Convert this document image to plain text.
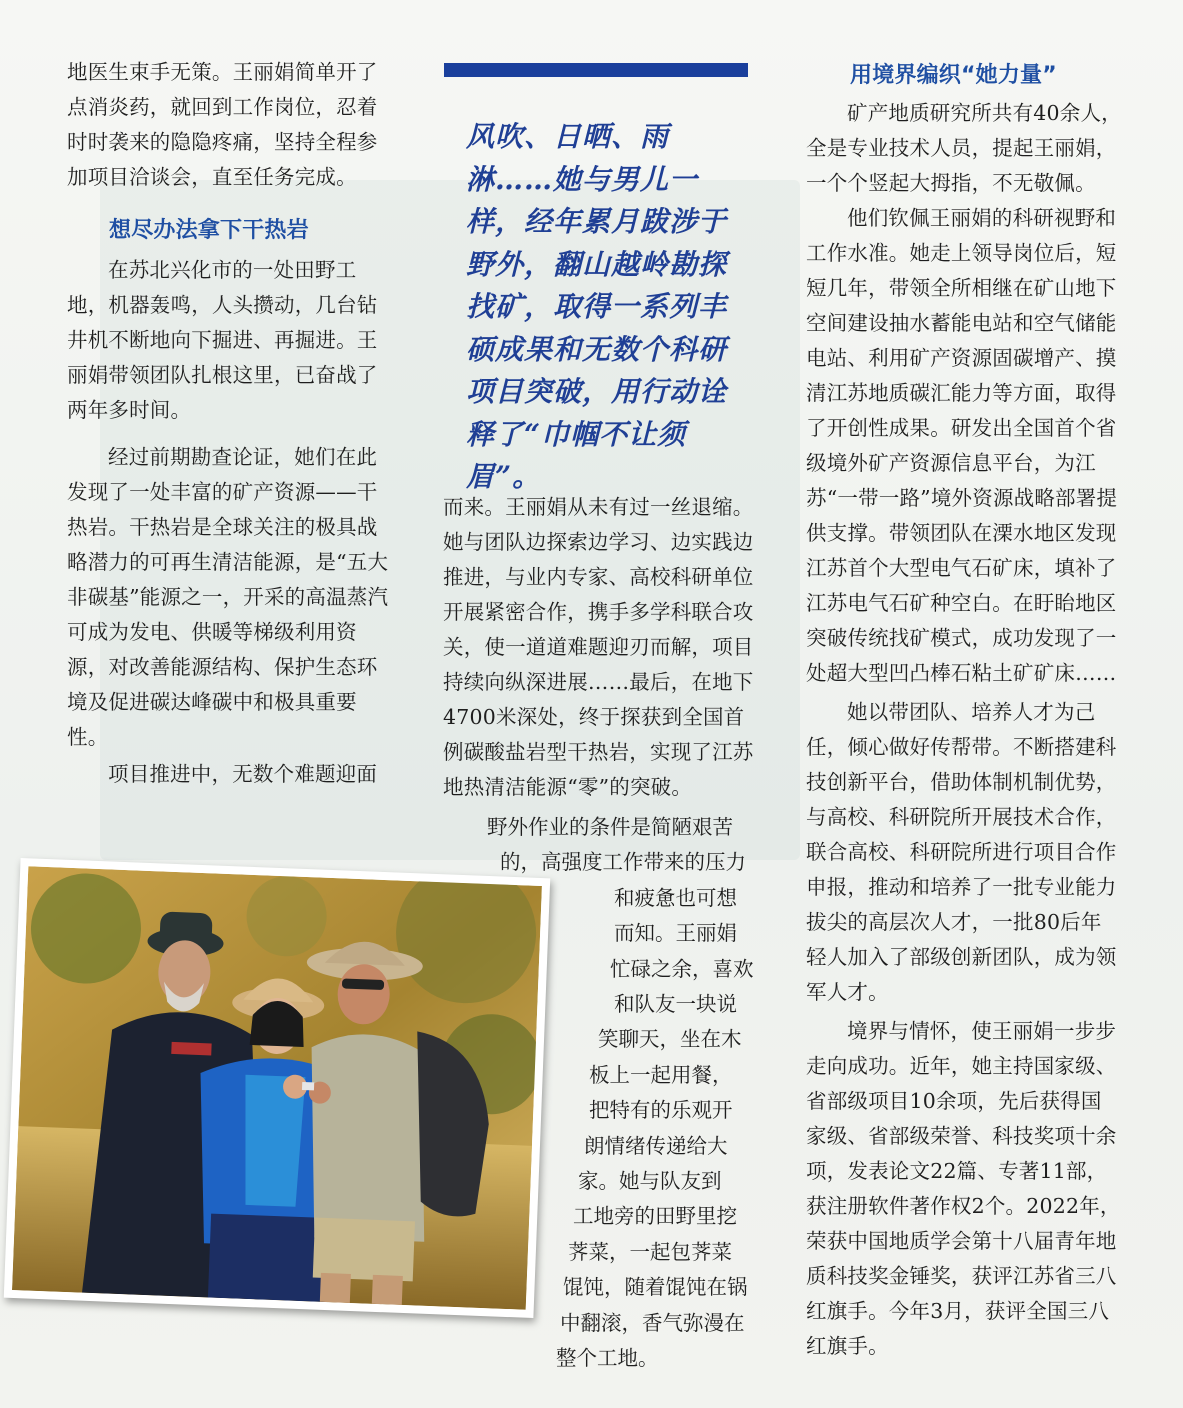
地医生束手无策。王丽娟简单开了点消炎药，就回到工作岗位，忍着时时袭来的隐隐疼痛，坚持全程参加项目洽谈会，直至任务完成。

想尽办法拿下干热岩

在苏北兴化市的一处田野工地，机器轰鸣，人头攒动，几台钻井机不断地向下掘进、再掘进。王丽娟带领团队扎根这里，已奋战了两年多时间。

经过前期勘查论证，她们在此发现了一处丰富的矿产资源——干热岩。干热岩是全球关注的极具战略潜力的可再生清洁能源，是“五大非碳基”能源之一，开采的高温蒸汽可成为发电、供暖等梯级利用资源，对改善能源结构、保护生态环境及促进碳达峰碳中和极具重要性。

项目推进中，无数个难题迎面

风吹、日晒、雨淋……她与男儿一样，经年累月跋涉于野外，翻山越岭勘探找矿，取得一系列丰硕成果和无数个科研项目突破，用行动诠释了“巾帼不让须眉”。

而来。王丽娟从未有过一丝退缩。她与团队边探索边学习、边实践边推进，与业内专家、高校科研单位开展紧密合作，携手多学科联合攻关，使一道道难题迎刃而解，项目持续向纵深进展……最后，在地下4700米深处，终于探获到全国首例碳酸盐岩型干热岩，实现了江苏地热清洁能源“零”的突破。

野外作业的条件是简陋艰苦
的，高强度工作带来的压力
和疲惫也可想
而知。王丽娟
忙碌之余，喜欢
和队友一块说
笑聊天，坐在木
板上一起用餐，
把特有的乐观开
朗情绪传递给大
家。她与队友到
工地旁的田野里挖
荠菜，一起包荠菜
馄饨，随着馄饨在锅
中翻滚，香气弥漫在
整个工地。

用境界编织“她力量”

矿产地质研究所共有40余人，全是专业技术人员，提起王丽娟，一个个竖起大拇指，不无敬佩。

他们钦佩王丽娟的科研视野和工作水准。她走上领导岗位后，短短几年，带领全所相继在矿山地下空间建设抽水蓄能电站和空气储能电站、利用矿产资源固碳增产、摸清江苏地质碳汇能力等方面，取得了开创性成果。研发出全国首个省级境外矿产资源信息平台，为江苏“一带一路”境外资源战略部署提供支撑。带领团队在溧水地区发现江苏首个大型电气石矿床，填补了江苏电气石矿种空白。在盱眙地区突破传统找矿模式，成功发现了一处超大型凹凸棒石粘土矿矿床……

她以带团队、培养人才为己任，倾心做好传帮带。不断搭建科技创新平台，借助体制机制优势，与高校、科研院所开展技术合作，联合高校、科研院所进行项目合作申报，推动和培养了一批专业能力拔尖的高层次人才，一批80后年轻人加入了部级创新团队，成为领军人才。

境界与情怀，使王丽娟一步步走向成功。近年，她主持国家级、省部级项目10余项，先后获得国家级、省部级荣誉、科技奖项十余项，发表论文22篇、专著11部，获注册软件著作权2个。2022年，荣获中国地质学会第十八届青年地质科技奖金锤奖，获评江苏省三八红旗手。今年3月，获评全国三八红旗手。
